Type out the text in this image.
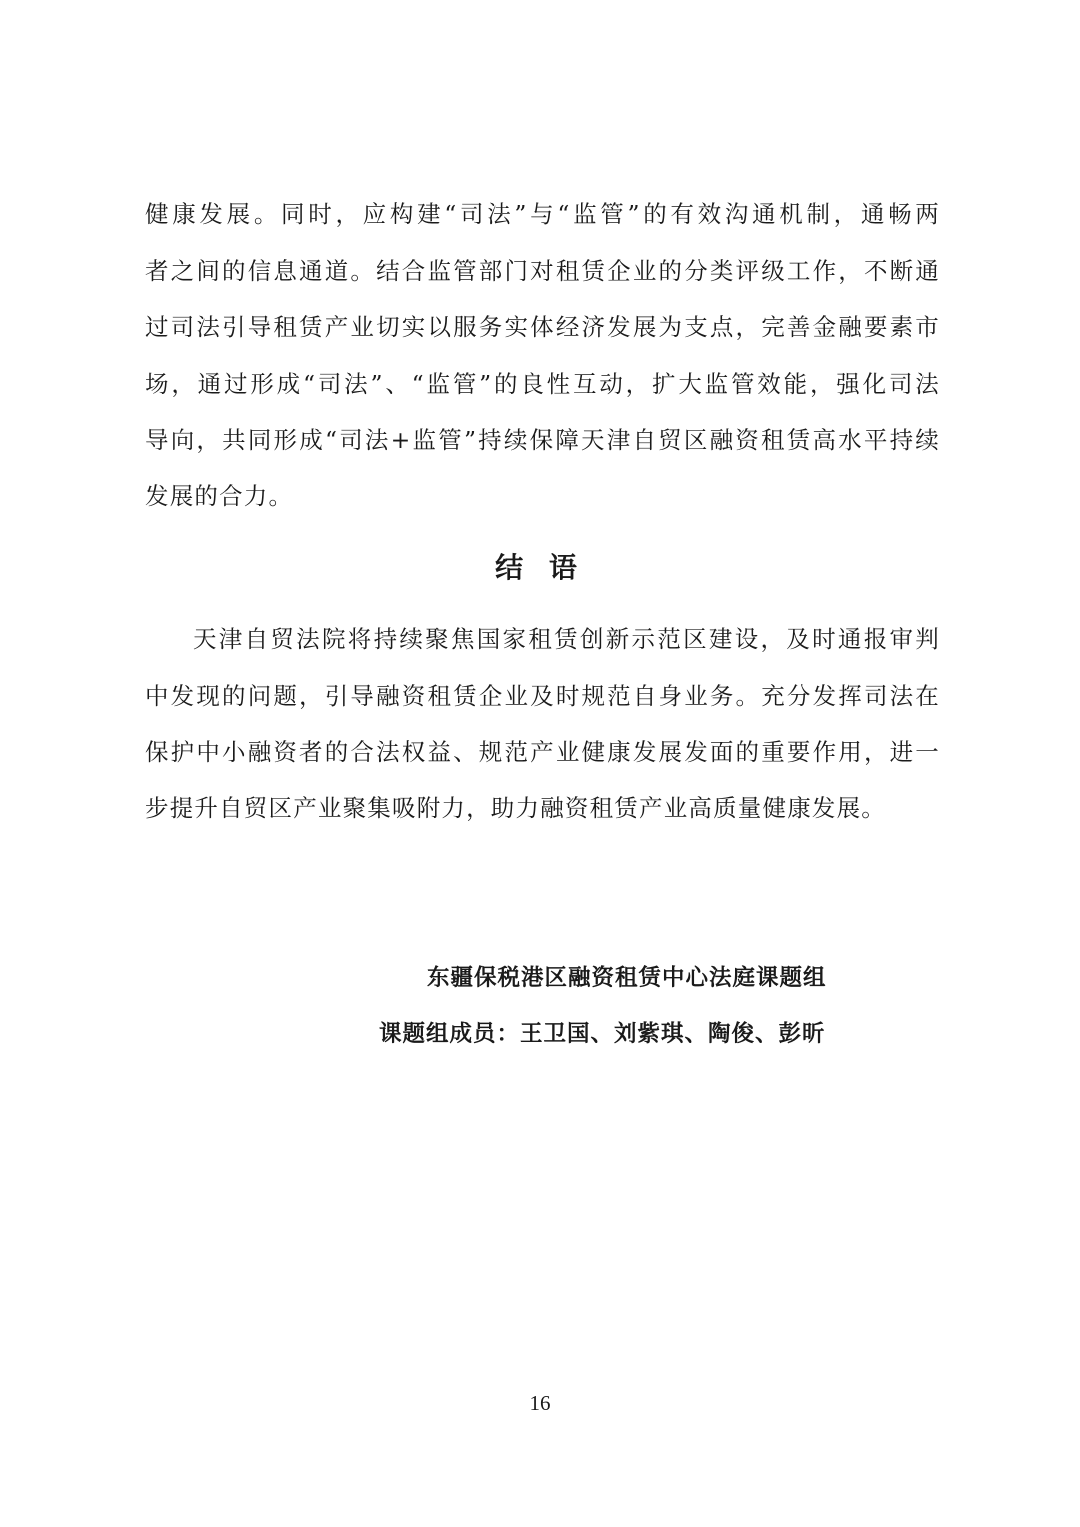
健康发展。同时，应构建“司法”与“监管”的有效沟通机制，通畅两
者之间的信息通道。结合监管部门对租赁企业的分类评级工作，不断通
过司法引导租赁产业切实以服务实体经济发展为支点，完善金融要素市
场，通过形成“司法”、“监管”的良性互动，扩大监管效能，强化司法
导向，共同形成“司法+监管”持续保障天津自贸区融资租赁高水平持续
发展的合力。
结 语
天津自贸法院将持续聚焦国家租赁创新示范区建设，及时通报审判
中发现的问题，引导融资租赁企业及时规范自身业务。充分发挥司法在
保护中小融资者的合法权益、规范产业健康发展发面的重要作用，进一
步提升自贸区产业聚集吸附力，助力融资租赁产业高质量健康发展。
东疆保税港区融资租赁中心法庭课题组
课题组成员：王卫国、刘紫琪、陶俊、彭昕
16
